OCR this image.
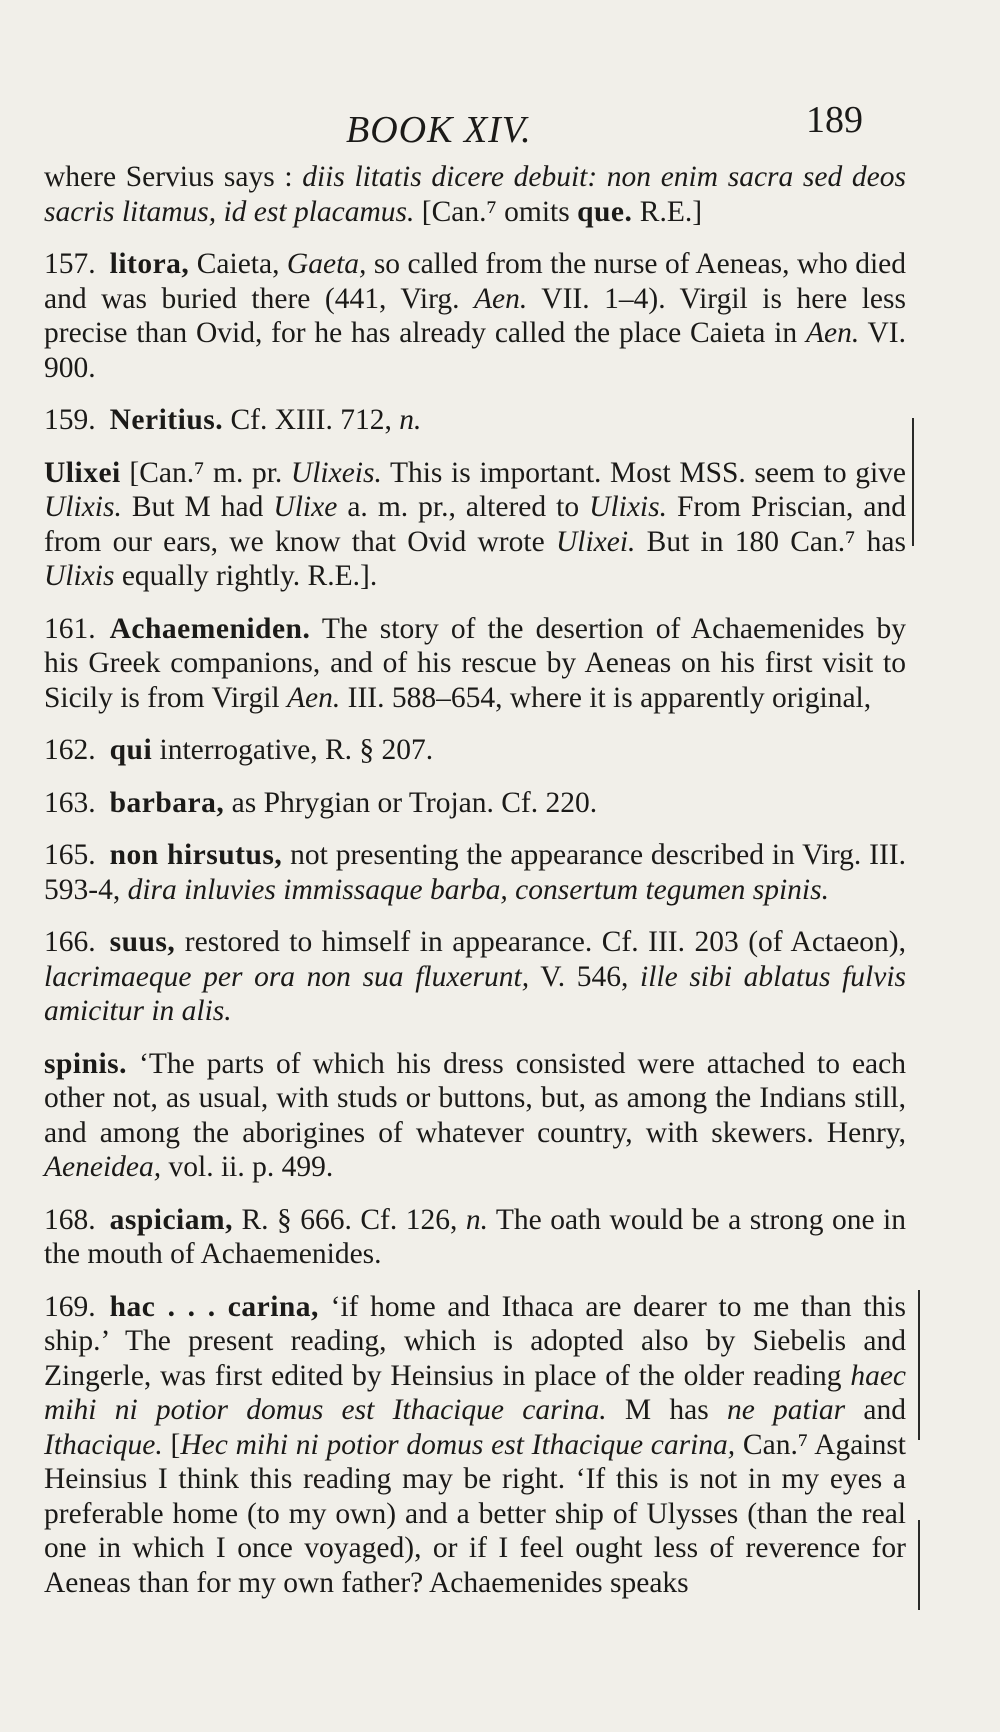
BOOK XIV.	189

where Servius says : diis litatis dicere debuit: non enim sacra sed deos sacris litamus, id est placamus. [Can.⁷ omits que. R.E.]

157. litora, Caieta, Gaeta, so called from the nurse of Aeneas, who died and was buried there (441, Virg. Aen. VII. 1–4). Virgil is here less precise than Ovid, for he has already called the place Caieta in Aen. VI. 900.

159. Neritius. Cf. XIII. 712, n.

Ulixei [Can.⁷ m. pr. Ulixeis. This is important. Most MSS. seem to give Ulixis. But M had Ulixe a. m. pr., altered to Ulixis. From Priscian, and from our ears, we know that Ovid wrote Ulixei. But in 180 Can.⁷ has Ulixis equally rightly. R.E.].

161. Achaemeniden. The story of the desertion of Achaemenides by his Greek companions, and of his rescue by Aeneas on his first visit to Sicily is from Virgil Aen. III. 588–654, where it is apparently original,

162. qui interrogative, R. § 207.

163. barbara, as Phrygian or Trojan. Cf. 220.

165. non hirsutus, not presenting the appearance described in Virg. III. 593-4, dira inluvies immissaque barba, consertum tegumen spinis.

166. suus, restored to himself in appearance. Cf. III. 203 (of Actaeon), lacrimaeque per ora non sua fluxerunt, V. 546, ille sibi ablatus fulvis amicitur in alis.

spinis. ‘The parts of which his dress consisted were attached to each other not, as usual, with studs or buttons, but, as among the Indians still, and among the aborigines of whatever country, with skewers. Henry, Aeneidea, vol. ii. p. 499.

168. aspiciam, R. § 666. Cf. 126, n. The oath would be a strong one in the mouth of Achaemenides.

169. hac . . . carina, ‘if home and Ithaca are dearer to me than this ship.’ The present reading, which is adopted also by Siebelis and Zingerle, was first edited by Heinsius in place of the older reading haec mihi ni potior domus est Ithacique carina. M has ne patiar and Ithacique. [Hec mihi ni potior domus est Ithacique carina, Can.⁷ Against Heinsius I think this reading may be right. ‘If this is not in my eyes a preferable home (to my own) and a better ship of Ulysses (than the real one in which I once voyaged), or if I feel ought less of reverence for Aeneas than for my own father? Achaemenides speaks
